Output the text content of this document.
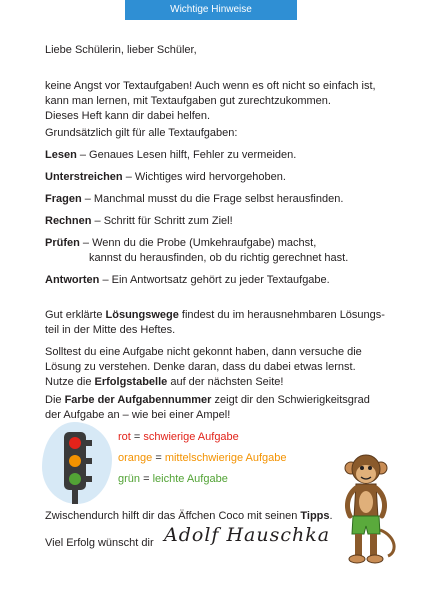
Wichtige Hinweise
Liebe Schülerin, lieber Schüler,
keine Angst vor Textaufgaben! Auch wenn es oft nicht so einfach ist,
kann man lernen, mit Textaufgaben gut zurechtzukommen.
Dieses Heft kann dir dabei helfen.
Grundsätzlich gilt für alle Textaufgaben:
Lesen – Genaues Lesen hilft, Fehler zu vermeiden.
Unterstreichen – Wichtiges wird hervorgehoben.
Fragen – Manchmal musst du die Frage selbst herausfinden.
Rechnen – Schritt für Schritt zum Ziel!
Prüfen – Wenn du die Probe (Umkehraufgabe) machst,
kannst du herausfinden, ob du richtig gerechnet hast.
Antworten – Ein Antwortsatz gehört zu jeder Textaufgabe.
Gut erklärte Lösungswege findest du im herausnehmbaren Lösungs-
teil in der Mitte des Heftes.
Solltest du eine Aufgabe nicht gekonnt haben, dann versuche die
Lösung zu verstehen. Denke daran, dass du dabei etwas lernst.
Nutze die Erfolgstabelle auf der nächsten Seite!
Die Farbe der Aufgabennummer zeigt dir den Schwierigkeitsgrad
der Aufgabe an – wie bei einer Ampel!
rot = schwierige Aufgabe
orange = mittelschwierige Aufgabe
grün = leichte Aufgabe
Zwischendurch hilft dir das Äffchen Coco mit seinen Tipps.
Viel Erfolg wünscht dir Adolf Hauschka
